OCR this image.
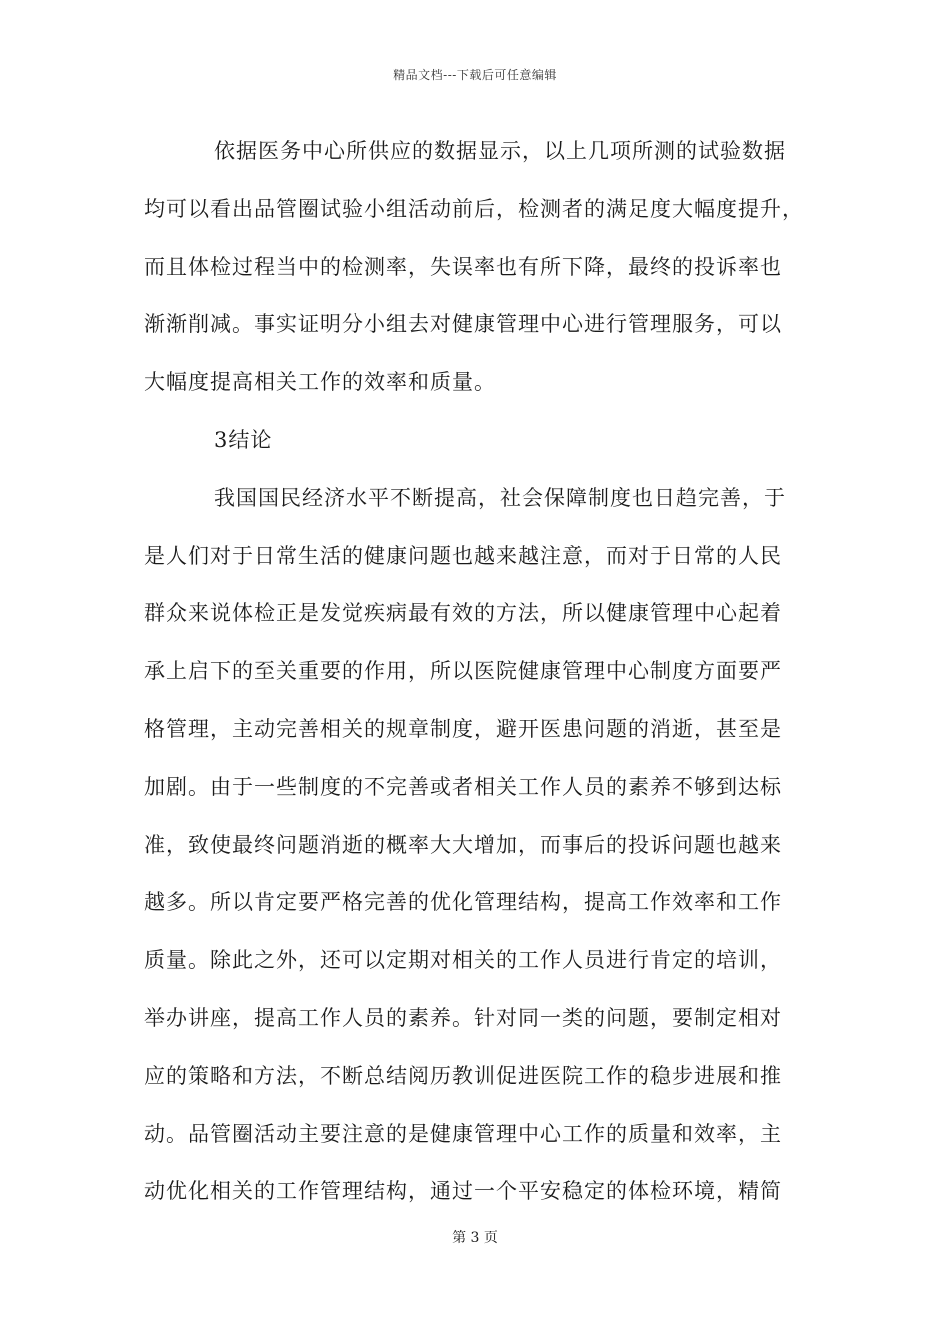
精品文档---下载后可任意编辑
依据医务中心所供应的数据显示，以上几项所测的试验数据
均可以看出品管圈试验小组活动前后，检测者的满足度大幅度提升，
而且体检过程当中的检测率，失误率也有所下降，最终的投诉率也
渐渐削减。事实证明分小组去对健康管理中心进行管理服务，可以
大幅度提高相关工作的效率和质量。
3结论
我国国民经济水平不断提高，社会保障制度也日趋完善，于
是人们对于日常生活的健康问题也越来越注意，而对于日常的人民
群众来说体检正是发觉疾病最有效的方法，所以健康管理中心起着
承上启下的至关重要的作用，所以医院健康管理中心制度方面要严
格管理，主动完善相关的规章制度，避开医患问题的消逝，甚至是
加剧。由于一些制度的不完善或者相关工作人员的素养不够到达标
准，致使最终问题消逝的概率大大增加，而事后的投诉问题也越来
越多。所以肯定要严格完善的优化管理结构，提高工作效率和工作
质量。除此之外，还可以定期对相关的工作人员进行肯定的培训，
举办讲座，提高工作人员的素养。针对同一类的问题，要制定相对
应的策略和方法，不断总结阅历教训促进医院工作的稳步进展和推
动。品管圈活动主要注意的是健康管理中心工作的质量和效率，主
动优化相关的工作管理结构，通过一个平安稳定的体检环境，精简
第 3 页
